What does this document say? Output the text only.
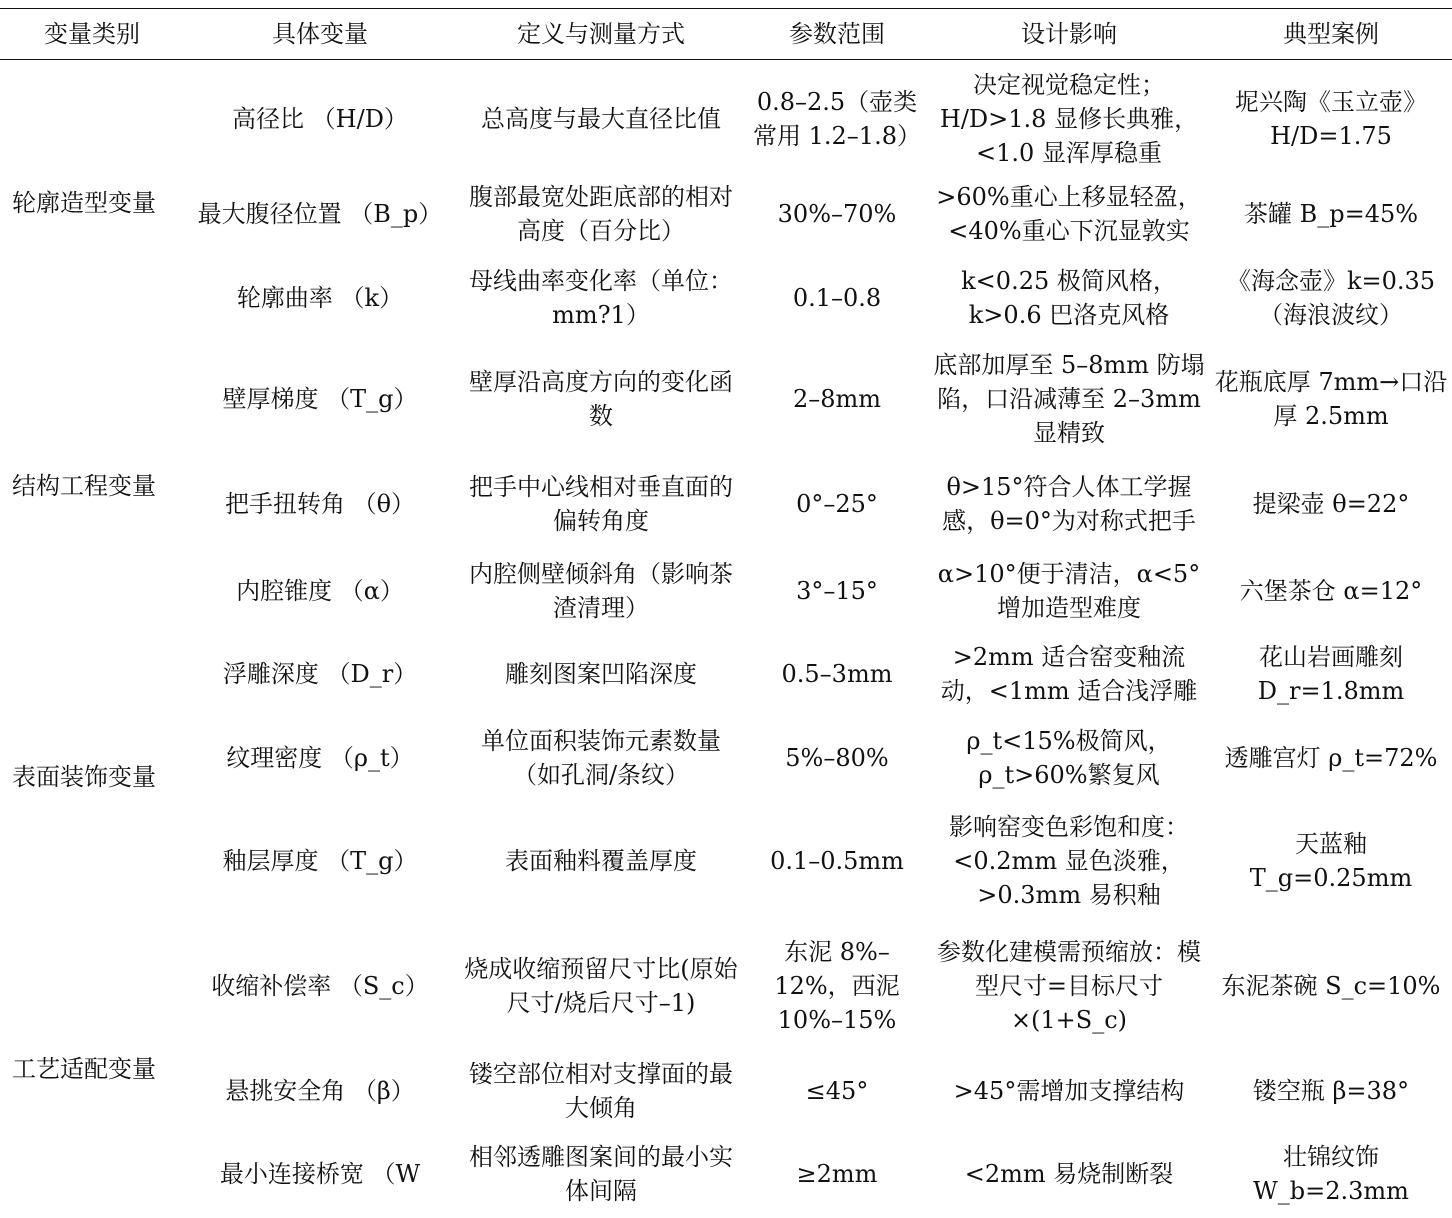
变量类别	具体变量	定义与测量方式	参数范围	设计影响	典型案例

轮廓造型变量	高径比 （H/D）	总高度与最大直径比值	0.8–2.5（壶类常用 1.2–1.8）	决定视觉稳定性；H/D>1.8 显修长典雅，<1.0 显浑厚稳重	坭兴陶《玉立壶》H/D=1.75
	最大腹径位置 （B_p）	腹部最宽处距底部的相对高度（百分比）	30%–70%	>60%重心上移显轻盈，<40%重心下沉显敦实	茶罐 B_p=45%
	轮廓曲率 （k）	母线曲率变化率（单位：mm?1）	0.1–0.8	k<0.25 极简风格，k>0.6 巴洛克风格	《海念壶》k=0.35（海浪波纹）
结构工程变量	壁厚梯度 （T_g）	壁厚沿高度方向的变化函数	2–8mm	底部加厚至 5–8mm 防塌陷，口沿减薄至 2–3mm 显精致	花瓶底厚 7mm→口沿厚 2.5mm
	把手扭转角 （θ）	把手中心线相对垂直面的偏转角度	0°–25°	θ>15°符合人体工学握感，θ=0°为对称式把手	提梁壶 θ=22°
	内腔锥度 （α）	内腔侧壁倾斜角（影响茶渣清理）	3°–15°	α>10°便于清洁，α<5°增加造型难度	六堡茶仓 α=12°
表面装饰变量	浮雕深度 （D_r）	雕刻图案凹陷深度	0.5–3mm	>2mm 适合窑变釉流动，<1mm 适合浅浮雕	花山岩画雕刻 D_r=1.8mm
	纹理密度 （ρ_t）	单位面积装饰元素数量（如孔洞/条纹）	5%–80%	ρ_t<15%极简风，ρ_t>60%繁复风	透雕宫灯 ρ_t=72%
	釉层厚度 （T_g）	表面釉料覆盖厚度	0.1–0.5mm	影响窑变色彩饱和度：<0.2mm 显色淡雅，>0.3mm 易积釉	天蓝釉 T_g=0.25mm
工艺适配变量	收缩补偿率 （S_c）	烧成收缩预留尺寸比(原始尺寸/烧后尺寸–1)	东泥 8%–12%，西泥 10%–15%	参数化建模需预缩放：模型尺寸=目标尺寸×(1+S_c)	东泥茶碗 S_c=10%
	悬挑安全角 （β）	镂空部位相对支撑面的最大倾角	≤45°	>45°需增加支撑结构	镂空瓶 β=38°
	最小连接桥宽 （W	相邻透雕图案间的最小实体间隔	≥2mm	<2mm 易烧制断裂	壮锦纹饰 W_b=2.3mm
